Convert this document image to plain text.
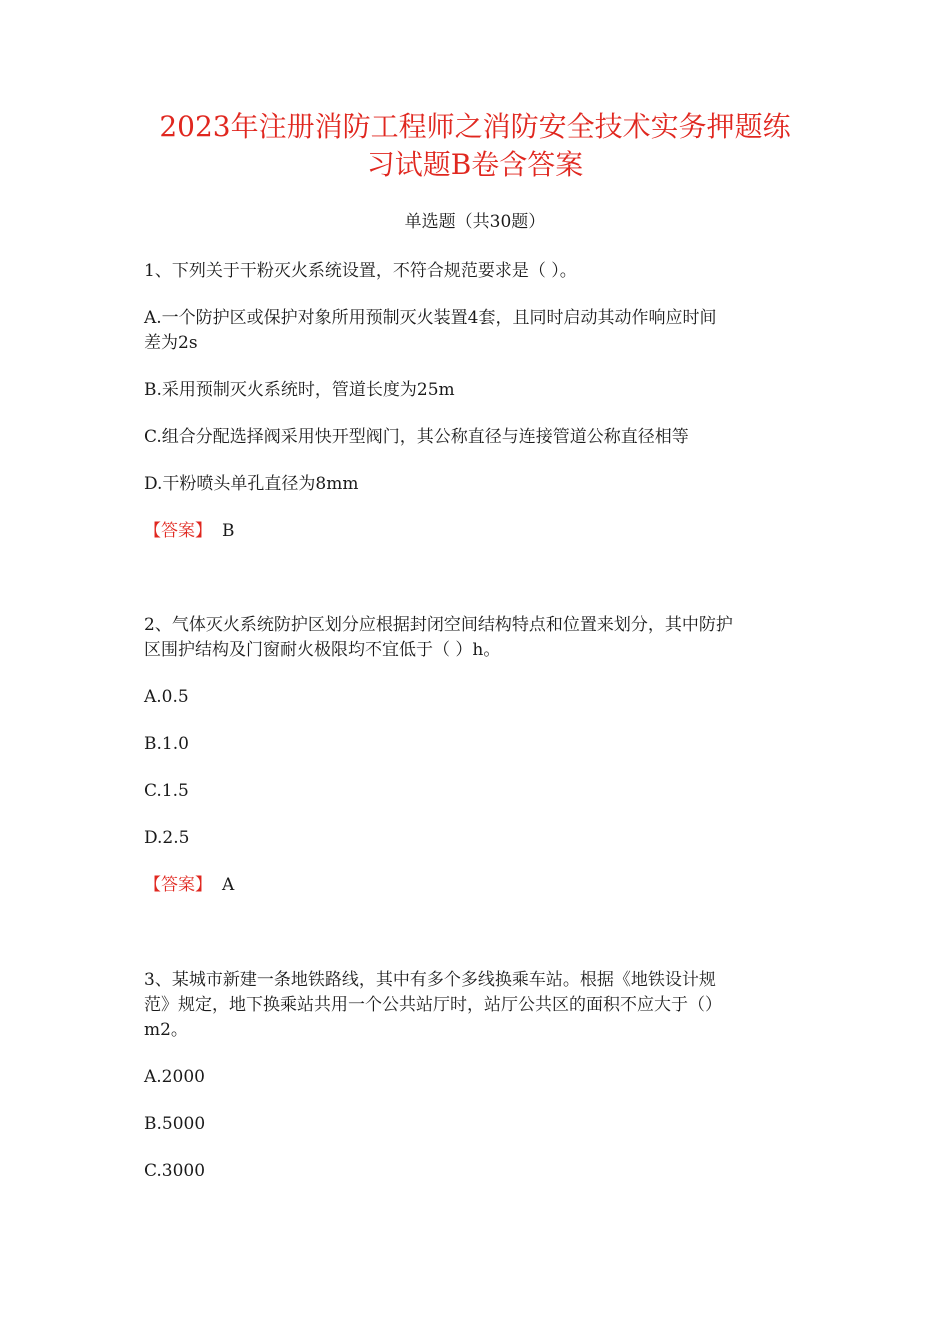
2023年注册消防工程师之消防安全技术实务押题练
习试题B卷含答案

单选题（共30题）

1、下列关于干粉灭火系统设置，不符合规范要求是（ ）。

A.一个防护区或保护对象所用预制灭火装置4套，且同时启动其动作响应时间

差为2s

B.采用预制灭火系统时，管道长度为25m

C.组合分配选择阀采用快开型阀门，其公称直径与连接管道公称直径相等

D.干粉喷头单孔直径为8mm

【答案】 B

2、气体灭火系统防护区划分应根据封闭空间结构特点和位置来划分，其中防护

区围护结构及门窗耐火极限均不宜低于（ ）h。

A.0.5

B.1.0

C.1.5

D.2.5

【答案】 A

3、某城市新建一条地铁路线，其中有多个多线换乘车站。根据《地铁设计规

范》规定，地下换乘站共用一个公共站厅时，站厅公共区的面积不应大于（）

m2。

A.2000

B.5000

C.3000
